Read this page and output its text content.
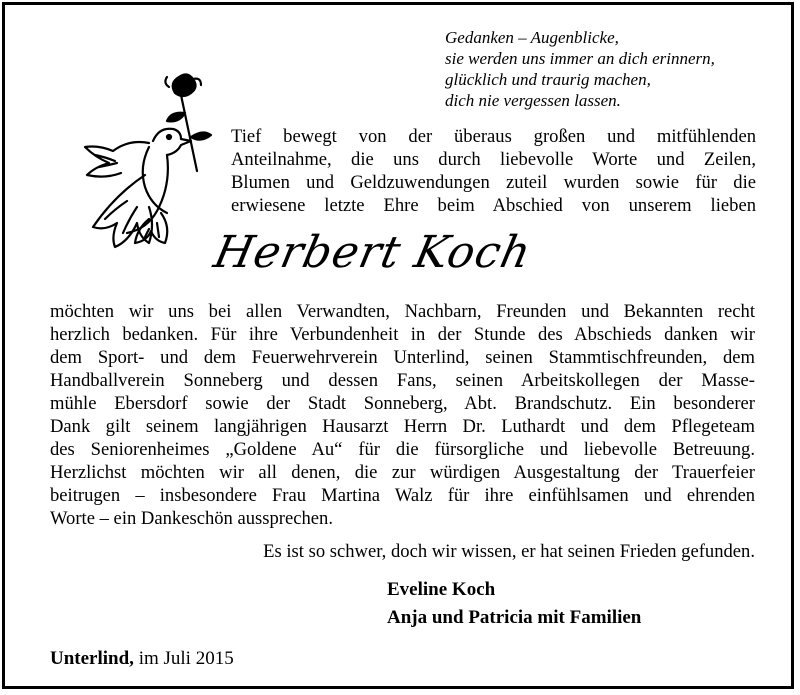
Gedanken – Augenblicke,
sie werden uns immer an dich erinnern,
glücklich und traurig machen,
dich nie vergessen lassen.
Tief bewegt von der überaus großen und mitfühlenden
Anteilnahme, die uns durch liebevolle Worte und Zeilen,
Blumen und Geldzuwendungen zuteil wurden sowie für die
erwiesene letzte Ehre beim Abschied von unserem lieben
Herbert Koch
möchten wir uns bei allen Verwandten, Nachbarn, Freunden und Bekannten recht
herzlich bedanken. Für ihre Verbundenheit in der Stunde des Abschieds danken wir
dem Sport- und dem Feuerwehrverein Unterlind, seinen Stammtischfreunden, dem
Handballverein Sonneberg und dessen Fans, seinen Arbeitskollegen der Masse-
mühle Ebersdorf sowie der Stadt Sonneberg, Abt. Brandschutz. Ein besonderer
Dank gilt seinem langjährigen Hausarzt Herrn Dr. Luthardt und dem Pflegeteam
des Seniorenheimes „Goldene Au“ für die fürsorgliche und liebevolle Betreuung.
Herzlichst möchten wir all denen, die zur würdigen Ausgestaltung der Trauerfeier
beitrugen – insbesondere Frau Martina Walz für ihre einfühlsamen und ehrenden
Worte – ein Dankeschön aussprechen.
Es ist so schwer, doch wir wissen, er hat seinen Frieden gefunden.
Eveline Koch
Anja und Patricia mit Familien
Unterlind, im Juli 2015
